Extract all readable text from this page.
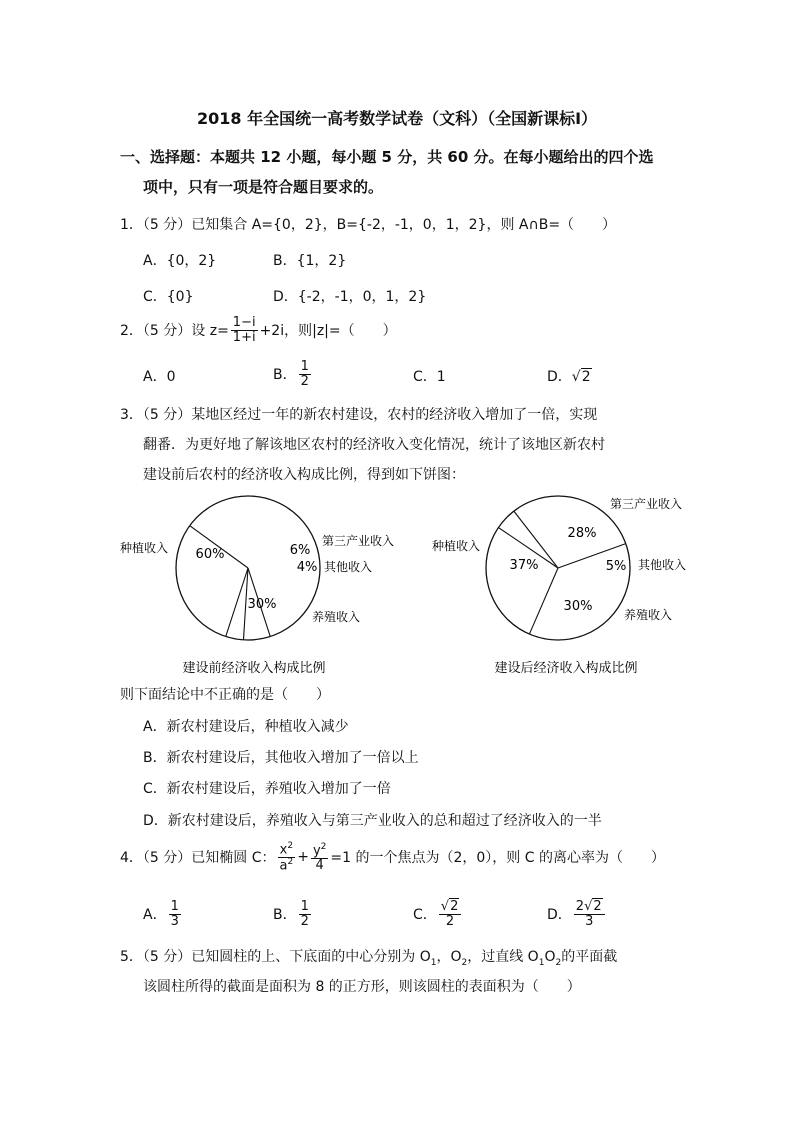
2018 年全国统一高考数学试卷（文科）（全国新课标Ⅰ）
一、选择题：本题共 12 小题，每小题 5 分，共 60 分。在每小题给出的四个选
项中，只有一项是符合题目要求的。
1．（5 分）已知集合 A={0，2}，B={-2，-1，0，1，2}，则 A∩B=（　　）
A．{0，2}	B．{1，2}
C．{0}	D．{-2，-1，0，1，2}
2．（5 分）设 $z= \frac{1-i}{1+i} +2i$，则|z|=（　　）
A．0	B． $\frac{1}{2}$	C．1	D．√2
3．（5 分）某地区经过一年的新农村建设，农村的经济收入增加了一倍，实现
翻番．为更好地了解该地区农村的经济收入变化情况，统计了该地区新农村
建设前后农村的经济收入构成比例，得到如下饼图：
60%	6%
4%
30%
种植收入	第三产业收入
其他收入
养殖收入
37%
28%
5%
30%
种植收入
第三产业收入
其他收入
养殖收入
建设前经济收入构成比例	建设后经济收入构成比例
则下面结论中不正确的是（　　）
A．新农村建设后，种植收入减少
B．新农村建设后，其他收入增加了一倍以上
C．新农村建设后，养殖收入增加了一倍
D．新农村建设后，养殖收入与第三产业收入的总和超过了经济收入的一半
4．（5 分）已知椭圆 C： $\frac{x^2}{a^2} + \frac{y^2}{4} =1$ 的一个焦点为（2，0），则 C 的离心率为（　　）
A． $\frac{1}{3}$	B． $\frac{1}{2}$	C． $\frac{√2}{2}$	D． $\frac{2√2}{3}$
5．（5 分）已知圆柱的上、下底面的中心分别为 $O_1$，$O_2$，过直线 $O_1O_2$的平面截
该圆柱所得的截面是面积为 8 的正方形，则该圆柱的表面积为（　　）
